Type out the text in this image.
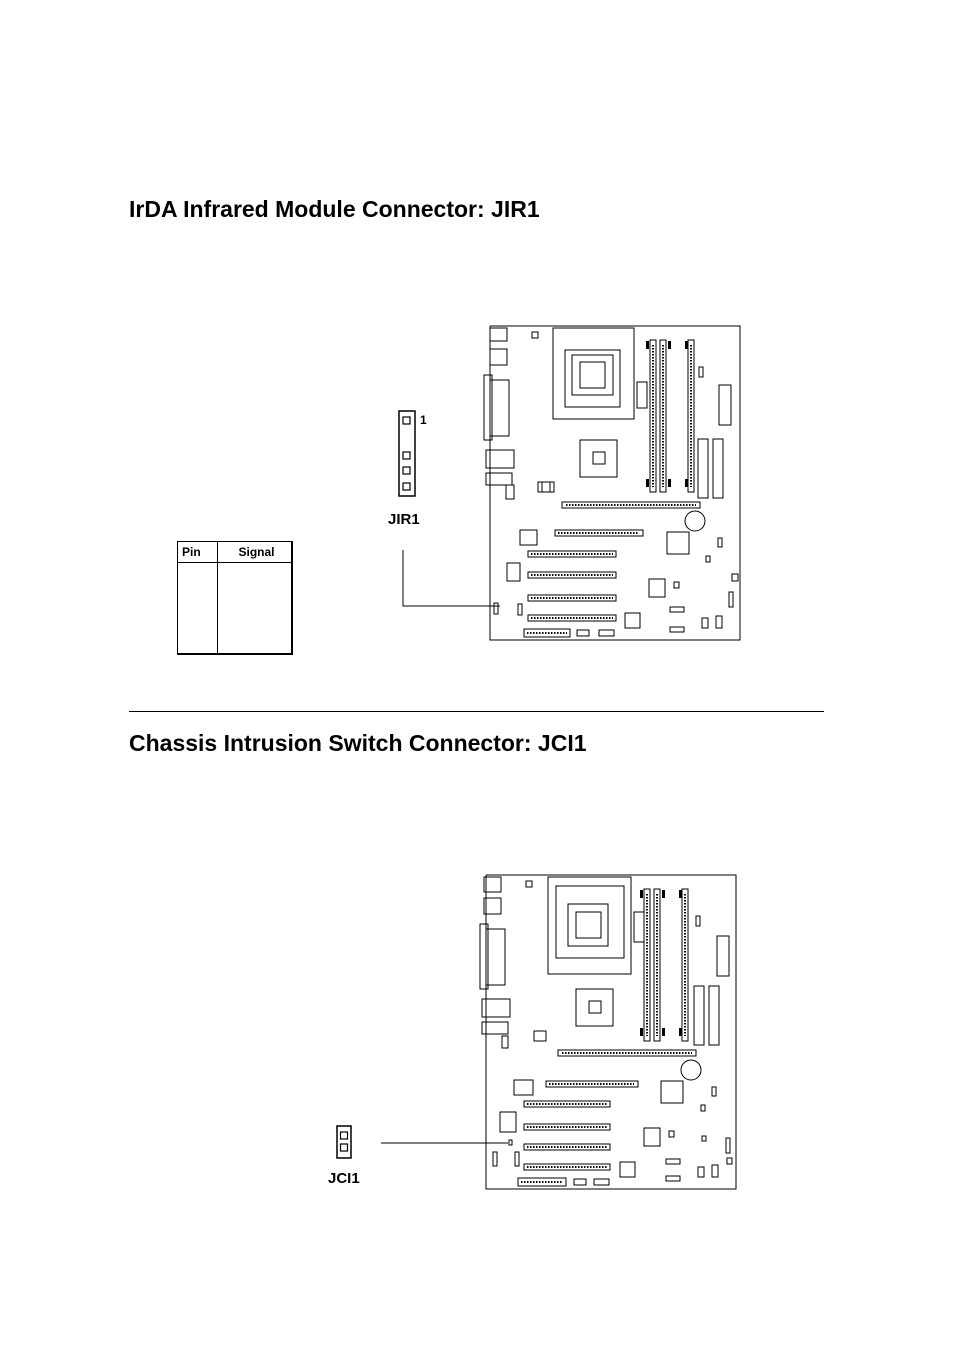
IrDA Infrared Module Connector: JIR1
1
JIR1
Pin	Signal

Chassis Intrusion Switch Connector: JCI1
JCI1
